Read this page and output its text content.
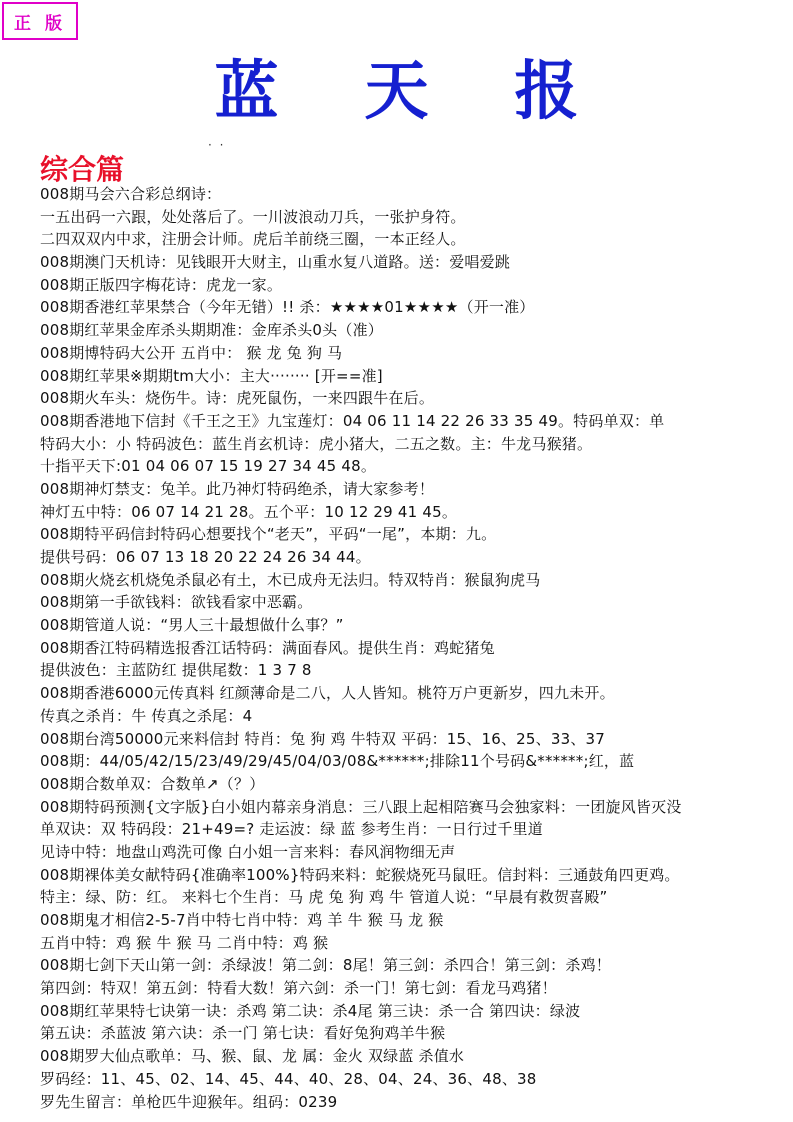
正 版
蓝 天 报
· ·
综合篇
008期马会六合彩总纲诗：
一五出码一六跟，处处落后了。一川波浪动刀兵，一张护身符。
二四双双内中求，注册会计师。虎后羊前绕三圈，一本正经人。
008期澳门天机诗：见钱眼开大财主，山重水复八道路。送：爱唱爱跳
008期正版四字梅花诗：虎龙一家。
008期香港红苹果禁合（今年无错）!! 杀：★★★★01★★★★（开一准）
008期红苹果金库杀头期期准：金库杀头0头（准）
008期博特码大公开 五肖中： 猴 龙 兔 狗 马
008期红苹果※期期tm大小：主大········ [开==准]
008期火车头：烧伤牛。诗：虎死鼠伤，一来四跟牛在后。
008期香港地下信封《千王之王》九宝莲灯：04 06 11 14 22 26 33 35 49。特码单双：单
特码大小：小 特码波色：蓝生肖玄机诗：虎小猪大，二五之数。主：牛龙马猴猪。
十指平天下:01 04 06 07 15 19 27 34 45 48。
008期神灯禁支：兔羊。此乃神灯特码绝杀，请大家参考！
神灯五中特：06 07 14 21 28。五个平：10 12 29 41 45。
008期特平码信封特码心想要找个“老天”，平码“一尾”，本期：九。
提供号码：06 07 13 18 20 22 24 26 34 44。
008期火烧玄机烧兔杀鼠必有土，木已成舟无法归。特双特肖：猴鼠狗虎马
008期第一手欲钱料：欲钱看家中恶霸。
008期管道人说：“男人三十最想做什么事？”
008期香江特码精选报香江话特码：满面春风。提供生肖：鸡蛇猪兔
提供波色：主蓝防红 提供尾数：1 3 7 8
008期香港6000元传真料 红颜薄命是二八，人人皆知。桃符万户更新岁，四九未开。
传真之杀肖：牛 传真之杀尾：4
008期台湾50000元来料信封 特肖：兔 狗 鸡 牛特双 平码：15、16、25、33、37
008期：44/05/42/15/23/49/29/45/04/03/08&******;排除11个号码&******;红，蓝
008期合数单双：合数单↗（？）
008期特码预测{文字版}白小姐内幕亲身消息：三八跟上起相陪赛马会独家料：一团旋风皆灭没
单双诀：双 特码段：21+49=? 走运波：绿 蓝 参考生肖：一日行过千里道
见诗中特：地盘山鸡洗可像 白小姐一言来料：春风润物细无声
008期裸体美女献特码{准确率100%}特码来料：蛇猴烧死马鼠旺。信封料：三通鼓角四更鸡。
特主：绿、防：红。 来料七个生肖：马 虎 兔 狗 鸡 牛 管道人说：“早晨有救贺喜殿”
008期鬼才相信2-5-7肖中特七肖中特：鸡 羊 牛 猴 马 龙 猴
五肖中特：鸡 猴 牛 猴 马 二肖中特：鸡 猴
008期七剑下天山第一剑：杀绿波！第二剑：8尾！第三剑：杀四合！第三剑：杀鸡！
第四剑：特双！第五剑：特看大数！第六剑：杀一门！第七剑：看龙马鸡猪！
008期红苹果特七诀第一诀：杀鸡 第二诀：杀4尾 第三诀：杀一合 第四诀：绿波
第五诀：杀蓝波 第六诀：杀一门 第七诀：看好兔狗鸡羊牛猴
008期罗大仙点歌单：马、猴、鼠、龙 属：金火 双绿蓝 杀值水
罗码经：11、45、02、14、45、44、40、28、04、24、36、48、38
罗先生留言：单枪匹牛迎猴年。组码：0239
